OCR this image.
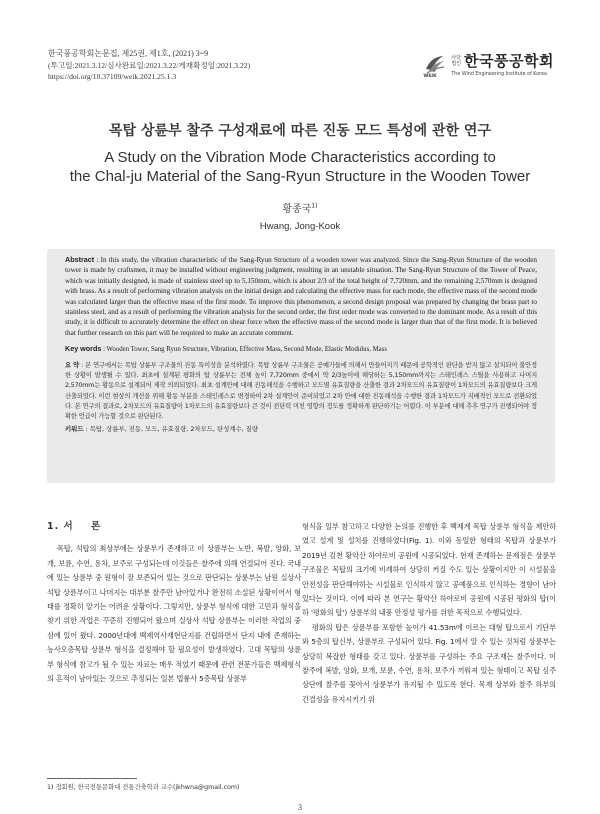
한국풍공학회논문집, 제25권, 제1호, (2021) 3~9
(투고일:2021.3.12/심사완료일:2021.3.22/게재확정일:2021.3.22)
https://doi.org/10.37109/weik.2021.25.1.3
사단
법인 한국풍공학회
The Wind Engineering Institute of Korea
WEIK
목탑 상륜부 찰주 구성재료에 따른 진동 모드 특성에 관한 연구
A Study on the Vibration Mode Characteristics according to
the Chal-ju Material of the Sang-Ryun Structure in the Wooden Tower
황종국$^{1)}$
Hwang, Jong-Kook

Abstract : In this study, the vibration characteristic of the Sang-Ryun Structure of a wooden tower was analyzed. Since the Sang-Ryun Structure of the wooden tower is made by craftsmen, it may be installed without engineering judgment, resulting in an unstable situation. The Sang-Ryun Structure of the Tower of Peace, which was initially designed, is made of stainless steel up to 5,150mm, which is about 2/3 of the total height of 7,720mm, and the remaining 2,570mm is designed with brass. As a result of performing vibration analysis on the initial design and calculating the effective mass for each mode, the effective mass of the second mode was calculated larger than the effective mass of the first mode. To improve this phenomenon, a second design proposal was prepared by changing the brass part to stainless steel, and as a result of performing the vibration analysis for the second order, the first order mode was converted to the dominant mode. As a result of this study, it is difficult to accurately determine the effect on shear force when the effective mass of the second mode is larger than that of the first mode. It is believed that further research on this part will be required to make an accurate comment.

Key words : Wooden Tower, Sang Ryun Structure, Vibration, Effective Mass, Second Mode, Elastic Modulus, Mass

요 약 : 본 연구에서는 목탑 상륜부 구조물의 진동 특이성을 분석하였다. 목탑 상륜부 구조물은 공예가들에 의해서 만들어지기 때문에 공학적인 판단을 받지 않고 설치되어 불안정한 상황이 발생될 수 있다. 최초에 설계된 평화의 탑 상륜부는 전체 높이 7,720mm 중에서 약 2/3높이에 해당하는 5,150mm까지는 스테인레스 스틸을 사용하고 나머지 2,570mm는 황동으로 설계되어 제작 의뢰되었다. 최초 설계안에 대해 진동해석을 수행하고 모드별 유효질량을 산출한 결과 2차모드의 유효질량이 1차모드의 유효질량보다 크게 산출되었다. 이런 현상의 개선을 위해 황동 부분을 스테인레스로 변경하여 2차 설계안이 준비되었고 2차 안에 대한 진동해석을 수행한 결과 1차모드가 지배적인 모드로 전환되었다. 본 연구의 결과로, 2차모드의 유효질량이 1차모드의 유효질량보다 큰 것이 전단력 미친 영향의 정도를 정확하게 판단하기는 어렵다. 이 부분에 대해 추후 연구가 진행되어야 정확한 언급이 가능할 것으로 판단된다.

키워드 : 목탑, 상륜부, 진동, 모드, 유효질량, 2차모드, 탄성계수, 질량

1. 서    론

목탑, 석탑의 최상부에는 상륜부가 존재하고 이 상륜부는 노반, 복발, 앙화, 보개, 보륜, 수연, 용차, 보주로 구성되는데 이것들은 찰주에 의해 연결되어 진다. 국내에 있는 상륜부 중 원형이 잘 보존되어 있는 것으로 판단되는 상륜부는 남원 실상사석탑 상륜부이고 나머지는 대부분 찰주만 남아있거나 완전히 소실된 상황이어서 형태를 정확히 알기는 어려운 상황이다. 그렇지만, 상륜부 형식에 대한 고민과 형식을 찾기 위한 작업은 꾸준히 진행되어 왔으며 실상사 석탑 상륜부는 이러한 작업의 중심에 있어 왔다. 2000년대에 백제역사재현단지를 건립하면서 단지 내에 존재하는 능사오층목탑 상륜부 형식을 결정해야 할 필요성이 발생하였다. 고대 목탑의 상륜부 형식에 참고가 될 수 있는 자료는 매우 적었기 때문에 관련 전문가들은 백제형식의 흔적이 남아있는 것으로 추정되는 일본 법륭사 5층목탑 상륜부

형식을 일부 참고하고 다양한 논의를 진행한 후 백제계 목탑 상륜부 형식을 제안하였고 설계 및 설치를 진행하였다(Fig. 1). 이와 동일한 형태의 목탑과 상륜부가 2019년 김천 황악산 하야로비 공원에 시공되었다. 현재 존재하는 문제점은 상륜부 구조물은 목탑의 크기에 비례하여 상당히 커질 수도 있는 상황이지만 이 시설물을 안전성을 판단해야하는 시설물로 인식하지 않고 공예품으로 인식하는 경향이 남아있다는 것이다. 이에 따라 본 연구는 황악산 하야로비 공원에 시공된 평화의 탑(이하 '평화의 탑') 상륜부의 내풍 안정성 평가를 위한 목적으로 수행되었다.

평화의 탑은 상륜부를 포함한 높이가 41.53m에 이르는 대형 탑으로서 기단부와 5층의 탑신부, 상륜부로 구성되어 있다. Fig. 1에서 알 수 있는 것처럼 상륜부는 상당히 복잡한 형태를 갖고 있다. 상륜부를 구성하는 주요 구조재는 찰주이다. 이 찰주에 복발, 앙화, 보개, 보륜, 수연, 용차, 보주가 끼워져 있는 형태이고 목탑 심주 상단에 찰주를 꽂아서 상륜부가 유지될 수 있도록 한다. 목재 상부와 찰주 하부의 긴결성을 유지시키기 위

1) 정회원, 한국전통문화대 전통건축학과 교수(jkhwna@gmail.com)
3
